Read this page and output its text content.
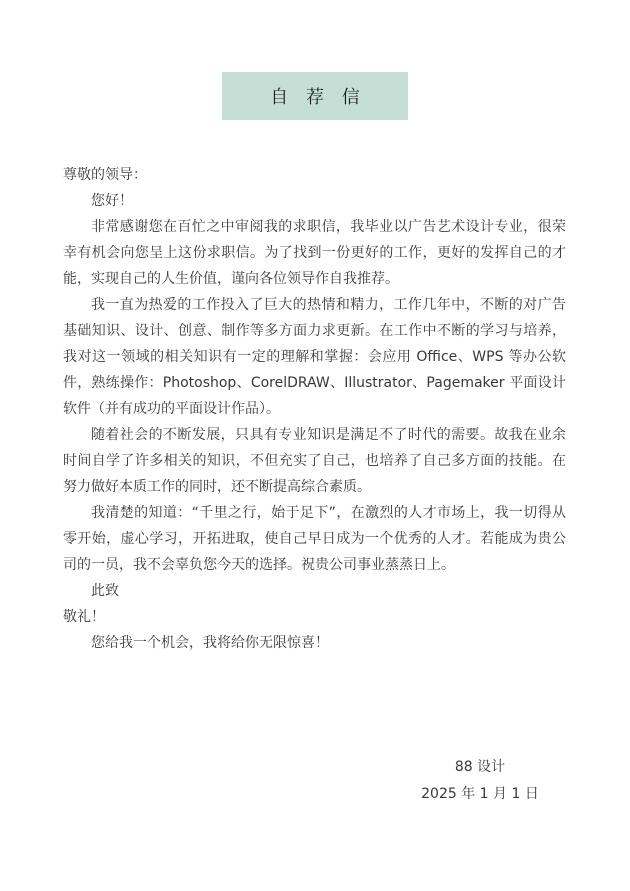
自 荐 信

尊敬的领导：

您好！

非常感谢您在百忙之中审阅我的求职信，我毕业以广告艺术设计专业，很荣幸有机会向您呈上这份求职信。为了找到一份更好的工作，更好的发挥自己的才能，实现自己的人生价值，谨向各位领导作自我推荐。

我一直为热爱的工作投入了巨大的热情和精力，工作几年中，不断的对广告基础知识、设计、创意、制作等多方面力求更新。在工作中不断的学习与培养，我对这一领域的相关知识有一定的理解和掌握：会应用 Office、WPS 等办公软件，熟练操作：Photoshop、CorelDRAW、Illustrator、Pagemaker 平面设计软件（并有成功的平面设计作品）。

随着社会的不断发展，只具有专业知识是满足不了时代的需要。故我在业余时间自学了许多相关的知识，不但充实了自己，也培养了自己多方面的技能。在努力做好本质工作的同时，还不断提高综合素质。

我清楚的知道：“千里之行，始于足下”，在激烈的人才市场上，我一切得从零开始，虚心学习，开拓进取，使自己早日成为一个优秀的人才。若能成为贵公司的一员，我不会辜负您今天的选择。祝贵公司事业蒸蒸日上。

此致

敬礼！

您给我一个机会，我将给你无限惊喜！

88 设计
2025 年 1 月 1 日
